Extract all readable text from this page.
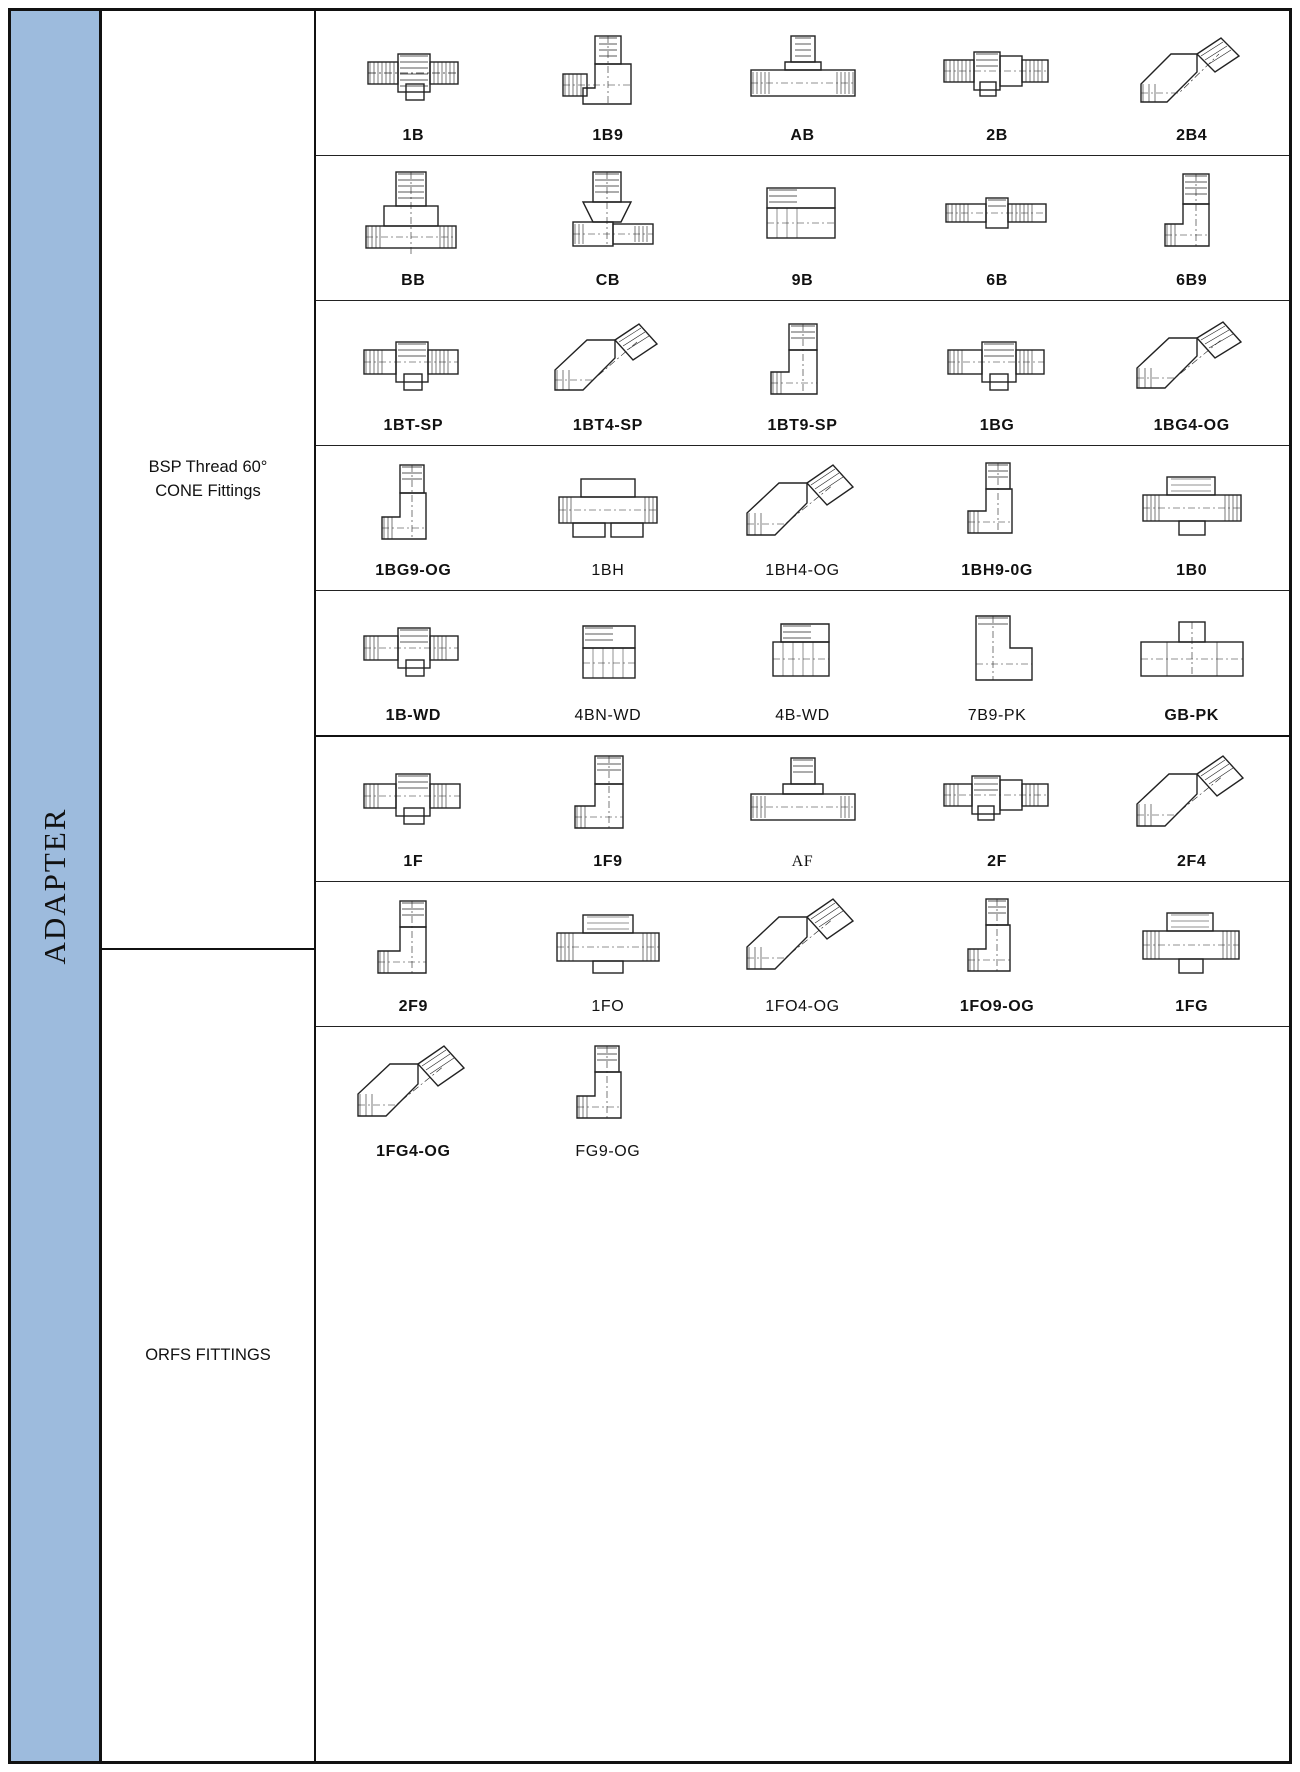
ADAPTER
BSP Thread 60°
CONE Fittings
ORFS FITTINGS
1B	1B9	AB	2B	2B4
BB	CB	9B	6B	6B9
1BT-SP	1BT4-SP	1BT9-SP	1BG	1BG4-OG
1BG9-OG	1BH	1BH4-OG	1BH9-0G	1B0
1B-WD	4BN-WD	4B-WD	7B9-PK	GB-PK
1F	1F9	AF	2F	2F4
2F9	1FO	1FO4-OG	1FO9-OG	1FG
1FG4-OG	FG9-OG
